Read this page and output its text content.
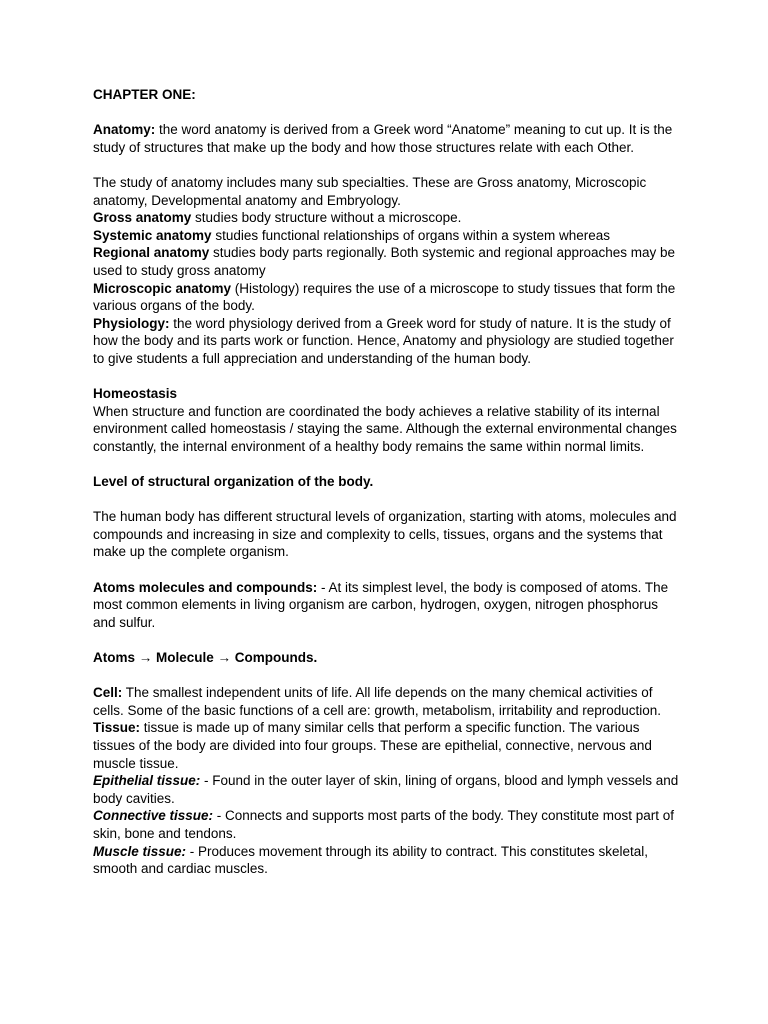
CHAPTER ONE:

Anatomy: the word anatomy is derived from a Greek word “Anatome” meaning to cut up. It is the study of structures that make up the body and how those structures relate with each Other.

The study of anatomy includes many sub specialties. These are Gross anatomy, Microscopic anatomy, Developmental anatomy and Embryology.

Gross anatomy studies body structure without a microscope.

Systemic anatomy studies functional relationships of organs within a system whereas

Regional anatomy studies body parts regionally. Both systemic and regional approaches may be used to study gross anatomy

Microscopic anatomy (Histology) requires the use of a microscope to study tissues that form the various organs of the body.

Physiology: the word physiology derived from a Greek word for study of nature. It is the study of how the body and its parts work or function. Hence, Anatomy and physiology are studied together to give students a full appreciation and understanding of the human body.

Homeostasis

When structure and function are coordinated the body achieves a relative stability of its internal environment called homeostasis / staying the same. Although the external environmental changes constantly, the internal environment of a healthy body remains the same within normal limits.

Level of structural organization of the body.

The human body has different structural levels of organization, starting with atoms, molecules and compounds and increasing in size and complexity to cells, tissues, organs and the systems that make up the complete organism.

Atoms molecules and compounds: - At its simplest level, the body is composed of atoms. The most common elements in living organism are carbon, hydrogen, oxygen, nitrogen phosphorus and sulfur.

Atoms → Molecule → Compounds.

Cell: The smallest independent units of life. All life depends on the many chemical activities of cells. Some of the basic functions of a cell are: growth, metabolism, irritability and reproduction.

Tissue: tissue is made up of many similar cells that perform a specific function. The various tissues of the body are divided into four groups. These are epithelial, connective, nervous and muscle tissue.

Epithelial tissue: - Found in the outer layer of skin, lining of organs, blood and lymph vessels and body cavities.

Connective tissue: - Connects and supports most parts of the body. They constitute most part of skin, bone and tendons.

Muscle tissue: - Produces movement through its ability to contract. This constitutes skeletal, smooth and cardiac muscles.
